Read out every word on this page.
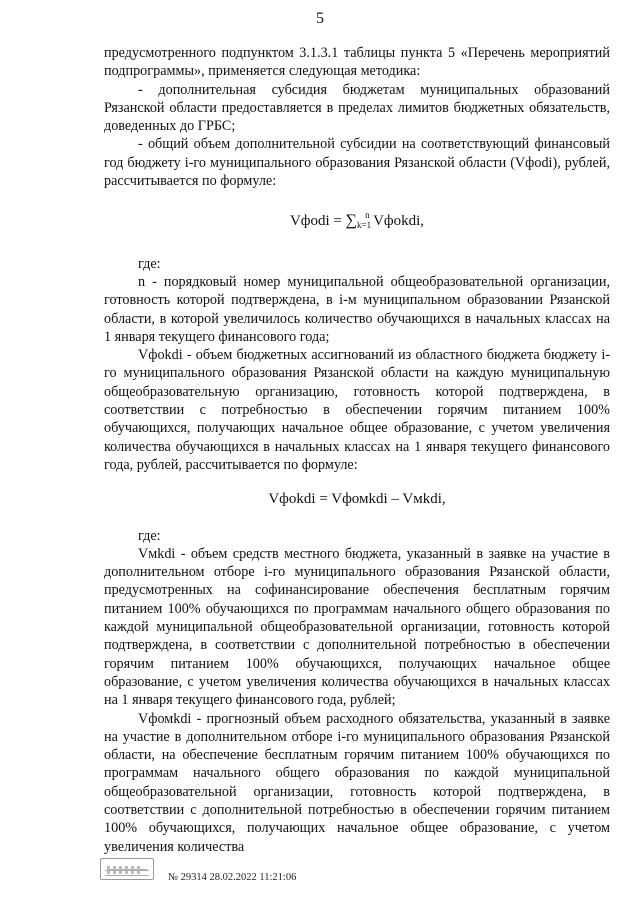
5

предусмотренного подпунктом 3.1.3.1 таблицы пункта 5 «Перечень мероприятий подпрограммы», применяется следующая методика:

- дополнительная субсидия бюджетам муниципальных образований Рязанской области предоставляется в пределах лимитов бюджетных обязательств, доведенных до ГРБС;

- общий объем дополнительной субсидии на соответствующий финансовый год бюджету i-го муниципального образования Рязанской области (Vфodi), рублей, рассчитывается по формуле:

Vфodi = $\sum_{k=1}^n$ Vфokdi,

где:

n - порядковый номер муниципальной общеобразовательной организации, готовность которой подтверждена, в i-м муниципальном образовании Рязанской области, в которой увеличилось количество обучающихся в начальных классах на 1 января текущего финансового года;

Vфokdi - объем бюджетных ассигнований из областного бюджета бюджету i-го муниципального образования Рязанской области на каждую муниципальную общеобразовательную организацию, готовность которой подтверждена, в соответствии с потребностью в обеспечении горячим питанием 100% обучающихся, получающих начальное общее образование, с учетом увеличения количества обучающихся в начальных классах на 1 января текущего финансового года, рублей, рассчитывается по формуле:

Vфokdi = Vфомkdi – Vмkdi,

где:

Vмkdi - объем средств местного бюджета, указанный в заявке на участие в дополнительном отборе i-го муниципального образования Рязанской области, предусмотренных на софинансирование обеспечения бесплатным горячим питанием 100% обучающихся по программам начального общего образования по каждой муниципальной общеобразовательной организации, готовность которой подтверждена, в соответствии с дополнительной потребностью в обеспечении горячим питанием 100% обучающихся, получающих начальное общее образование, с учетом увеличения количества обучающихся в начальных классах на 1 января текущего финансового года, рублей;

Vфомkdi - прогнозный объем расходного обязательства, указанный в заявке на участие в дополнительном отборе i-го муниципального образования Рязанской области, на обеспечение бесплатным горячим питанием 100% обучающихся по программам начального общего образования по каждой муниципальной общеобразовательной организации, готовность которой подтверждена, в соответствии с дополнительной потребностью в обеспечении горячим питанием 100% обучающихся, получающих начальное общее образование, с учетом увеличения количества

№ 29314 28.02.2022 11:21:06
